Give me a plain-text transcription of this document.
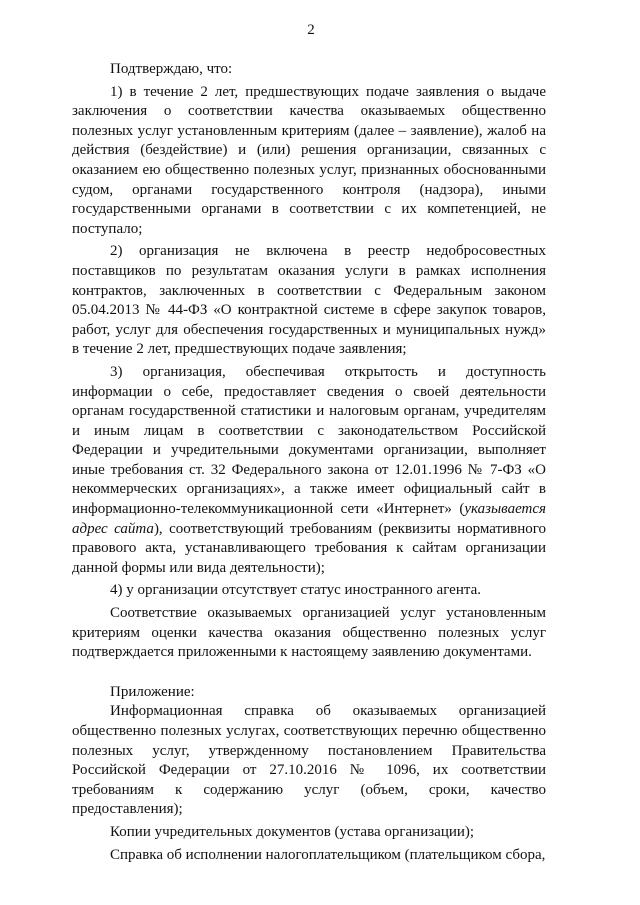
2

Подтверждаю, что:

1) в течение 2 лет, предшествующих подаче заявления о выдаче заключения о соответствии качества оказываемых общественно полезных услуг установленным критериям (далее – заявление), жалоб на действия (бездействие) и (или) решения организации, связанных с оказанием ею общественно полезных услуг, признанных обоснованными судом, органами государственного контроля (надзора), иными государственными органами в соответствии с их компетенцией, не поступало;

2) организация не включена в реестр недобросовестных поставщиков по результатам оказания услуги в рамках исполнения контрактов, заключенных в соответствии с Федеральным законом 05.04.2013 № 44-ФЗ «О контрактной системе в сфере закупок товаров, работ, услуг для обеспечения государственных и муниципальных нужд» в течение 2 лет, предшествующих подаче заявления;

3) организация, обеспечивая открытость и доступность информации о себе, предоставляет сведения о своей деятельности органам государственной статистики и налоговым органам, учредителям и иным лицам в соответствии с законодательством Российской Федерации и учредительными документами организации, выполняет иные требования ст. 32 Федерального закона от 12.01.1996 № 7-ФЗ «О некоммерческих организациях», а также имеет официальный сайт в информационно-телекоммуникационной сети «Интернет» (указывается адрес сайта), соответствующий требованиям (реквизиты нормативного правового акта, устанавливающего требования к сайтам организации данной формы или вида деятельности);

4) у организации отсутствует статус иностранного агента.

Соответствие оказываемых организацией услуг установленным критериям оценки качества оказания общественно полезных услуг подтверждается приложенными к настоящему заявлению документами.

Приложение:

Информационная справка об оказываемых организацией общественно полезных услугах, соответствующих перечню общественно полезных услуг, утвержденному постановлением Правительства Российской Федерации от 27.10.2016 № 1096, их соответствии требованиям к содержанию услуг (объем, сроки, качество предоставления);

Копии учредительных документов (устава организации);

Справка об исполнении налогоплательщиком (плательщиком сбора,
